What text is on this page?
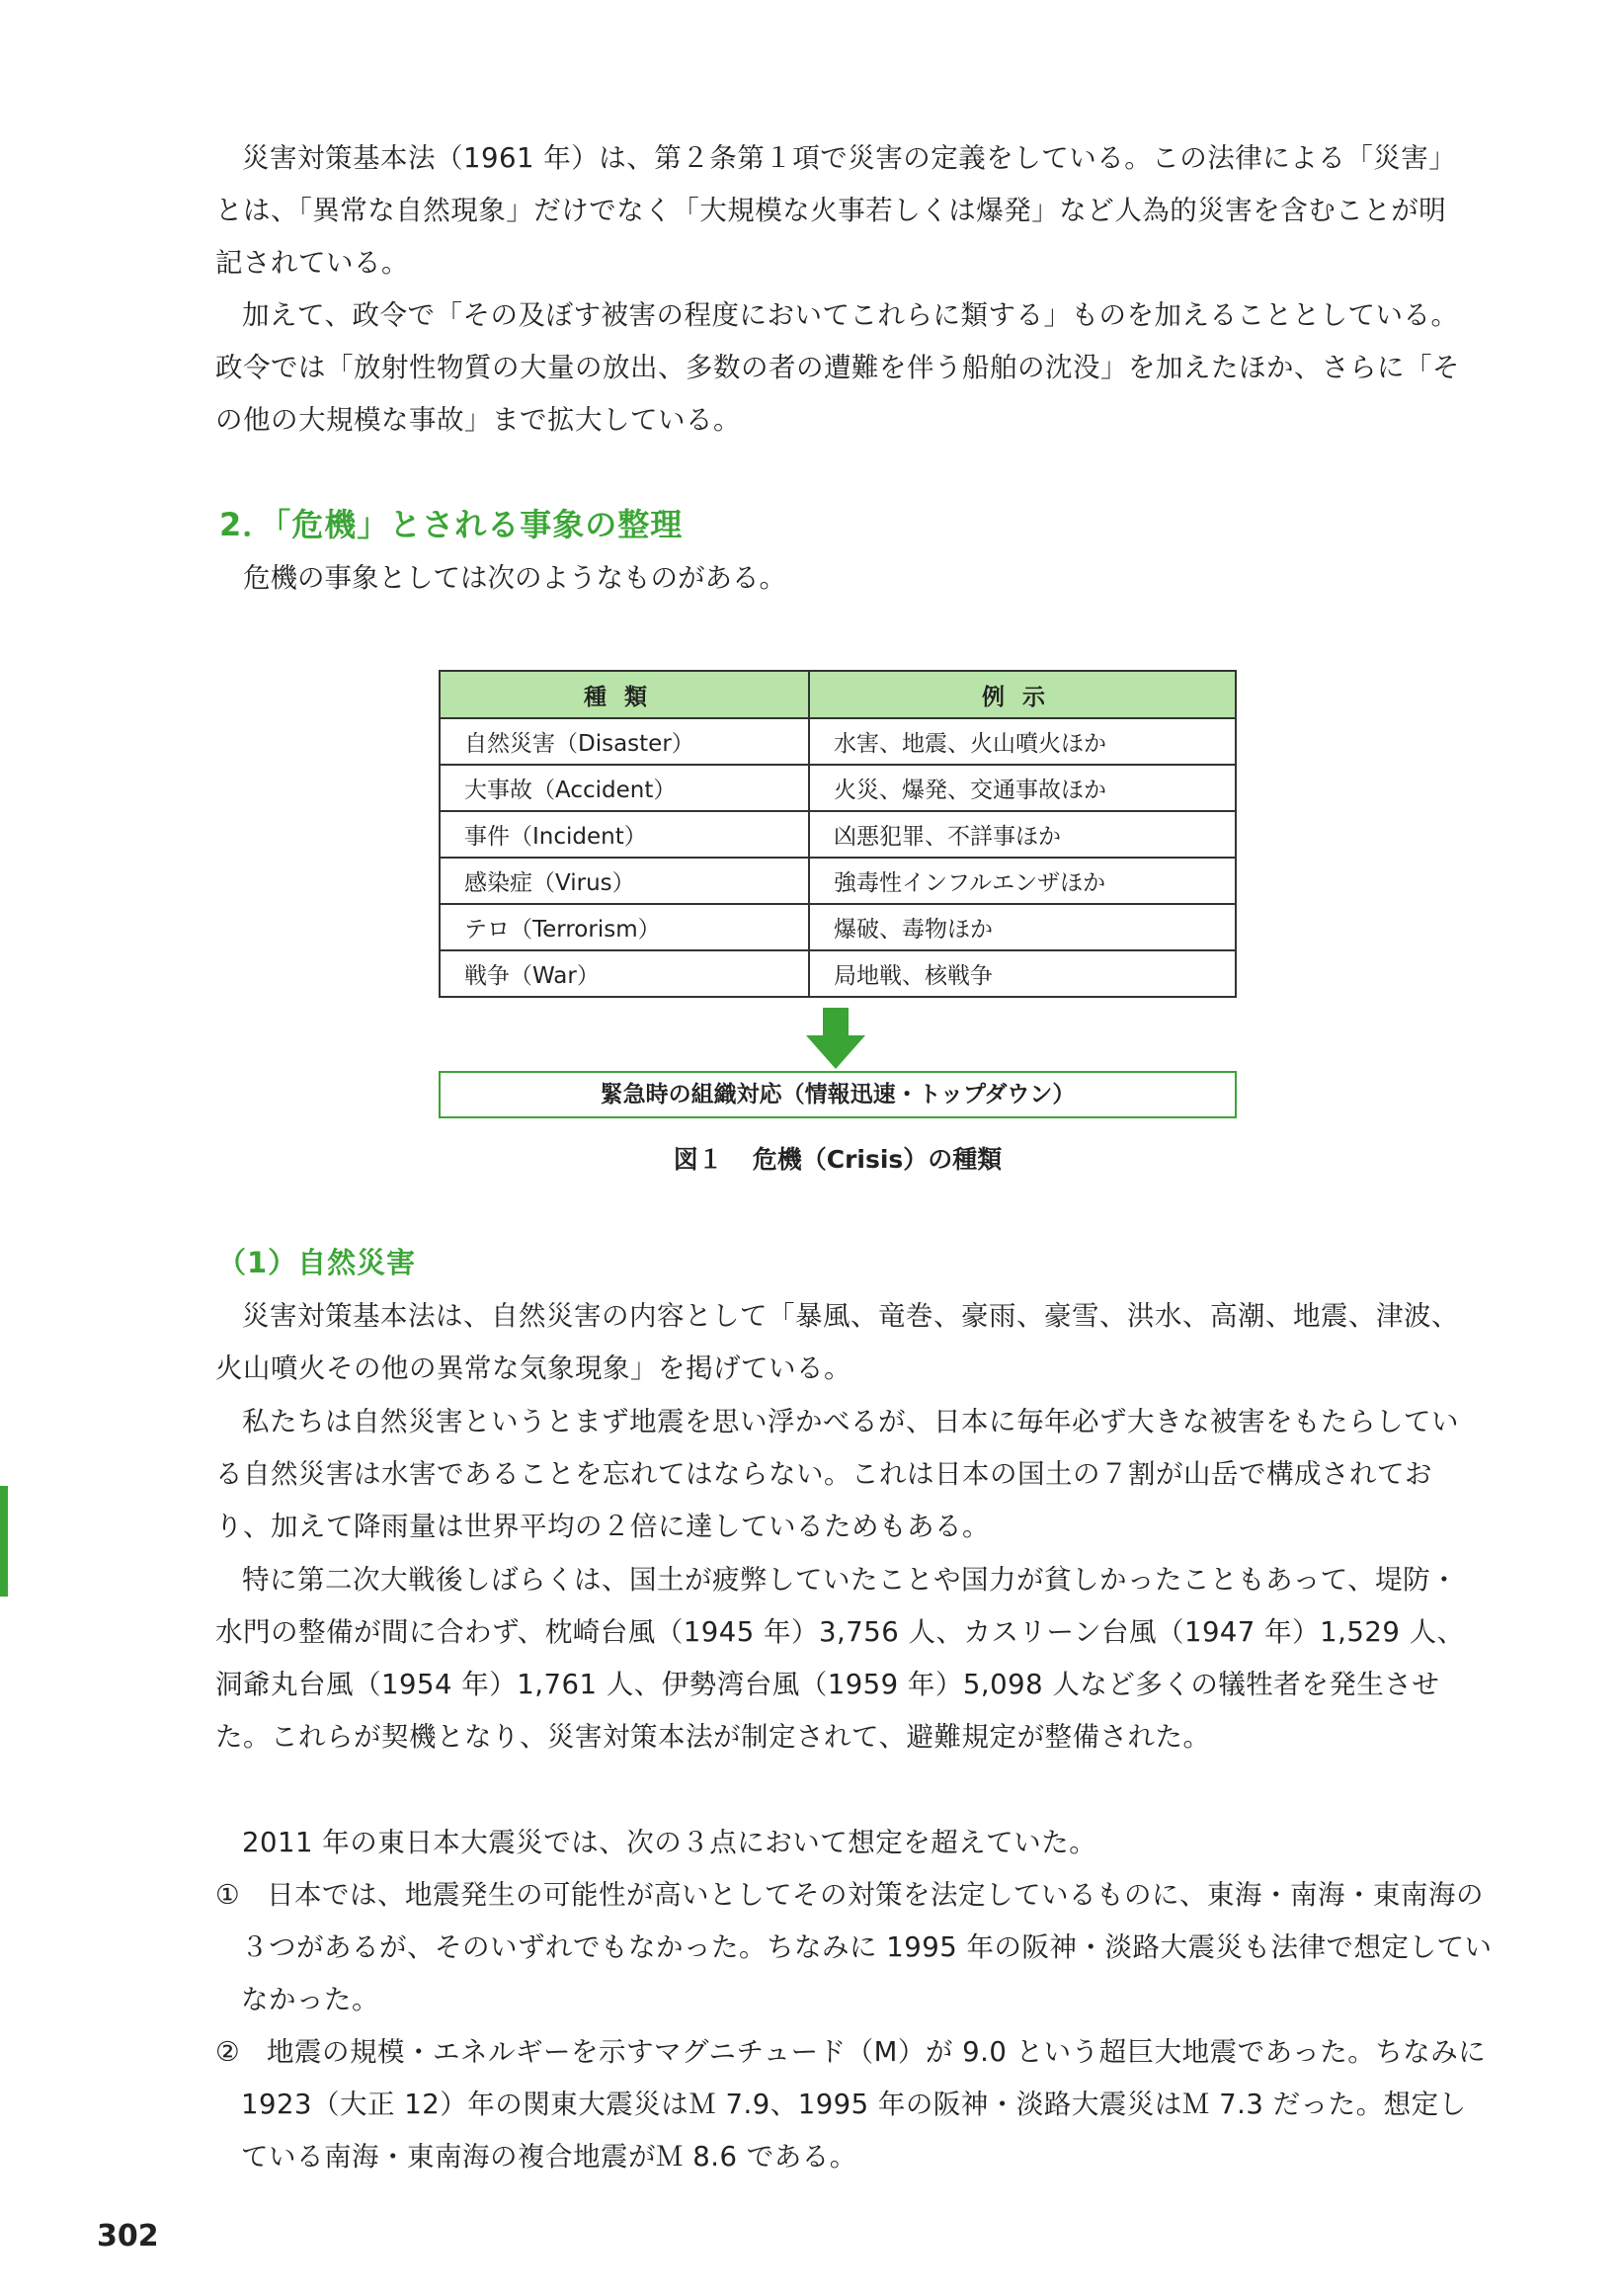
災害対策基本法（1961 年）は、第２条第１項で災害の定義をしている。この法律による「災害」とは、「異常な自然現象」だけでなく「大規模な火事若しくは爆発」など人為的災害を含むことが明記されている。

加えて、政令で「その及ぼす被害の程度においてこれらに類する」ものを加えることとしている。政令では「放射性物質の大量の放出、多数の者の遭難を伴う船舶の沈没」を加えたほか、さらに「その他の大規模な事故」まで拡大している。

2．「危機」とされる事象の整理

危機の事象としては次のようなものがある。

種類	例示
自然災害（Disaster）	水害、地震、火山噴火ほか
大事故（Accident）	火災、爆発、交通事故ほか
事件（Incident）	凶悪犯罪、不詳事ほか
感染症（Virus）	強毒性インフルエンザほか
テロ（Terrorism）	爆破、毒物ほか
戦争（War）	局地戦、核戦争
緊急時の組織対応（情報迅速・トップダウン）
図１ 危機（Crisis）の種類
（1）自然災害

災害対策基本法は、自然災害の内容として「暴風、竜巻、豪雨、豪雪、洪水、高潮、地震、津波、火山噴火その他の異常な気象現象」を掲げている。

私たちは自然災害というとまず地震を思い浮かべるが、日本に毎年必ず大きな被害をもたらしている自然災害は水害であることを忘れてはならない。これは日本の国土の７割が山岳で構成されており、加えて降雨量は世界平均の２倍に達しているためもある。

特に第二次大戦後しばらくは、国土が疲弊していたことや国力が貧しかったこともあって、堤防・水門の整備が間に合わず、枕崎台風（1945 年）3,756 人、カスリーン台風（1947 年）1,529 人、洞爺丸台風（1954 年）1,761 人、伊勢湾台風（1959 年）5,098 人など多くの犠牲者を発生させた。これらが契機となり、災害対策本法が制定されて、避難規定が整備された。

2011 年の東日本大震災では、次の３点において想定を超えていた。

① 日本では、地震発生の可能性が高いとしてその対策を法定しているものに、東海・南海・東南海の３つがあるが、そのいずれでもなかった。ちなみに 1995 年の阪神・淡路大震災も法律で想定していなかった。

② 地震の規模・エネルギーを示すマグニチュード（M）が 9.0 という超巨大地震であった。ちなみに 1923（大正 12）年の関東大震災はＭ 7.9、1995 年の阪神・淡路大震災はＭ 7.3 だった。想定している南海・東南海の複合地震がＭ 8.6 である。

302
